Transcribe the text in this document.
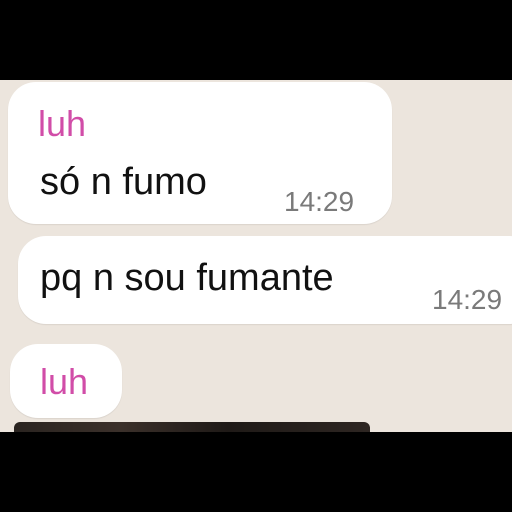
luh
só n fumo	14:29
pq n sou fumante
14:29
luh
